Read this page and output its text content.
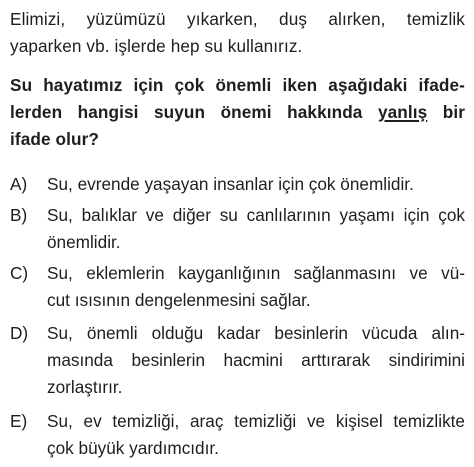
Elimizi, yüzümüzü yıkarken, duş alırken, temizlik
yaparken vb. işlerde hep su kullanırız.
Su hayatımız için çok önemli iken aşağıdaki ifade-
lerden hangisi suyun önemi hakkında yanlış bir
ifade olur?
A) Su, evrende yaşayan insanlar için çok önemlidir.
B) Su, balıklar ve diğer su canlılarının yaşamı için çok
önemlidir.
C) Su, eklemlerin kayganlığının sağlanmasını ve vü-
cut ısısının dengelenmesini sağlar.
D) Su, önemli olduğu kadar besinlerin vücuda alın-
masında besinlerin hacmini arttırarak sindirimini
zorlaştırır.
E) Su, ev temizliği, araç temizliği ve kişisel temizlikte
çok büyük yardımcıdır.
